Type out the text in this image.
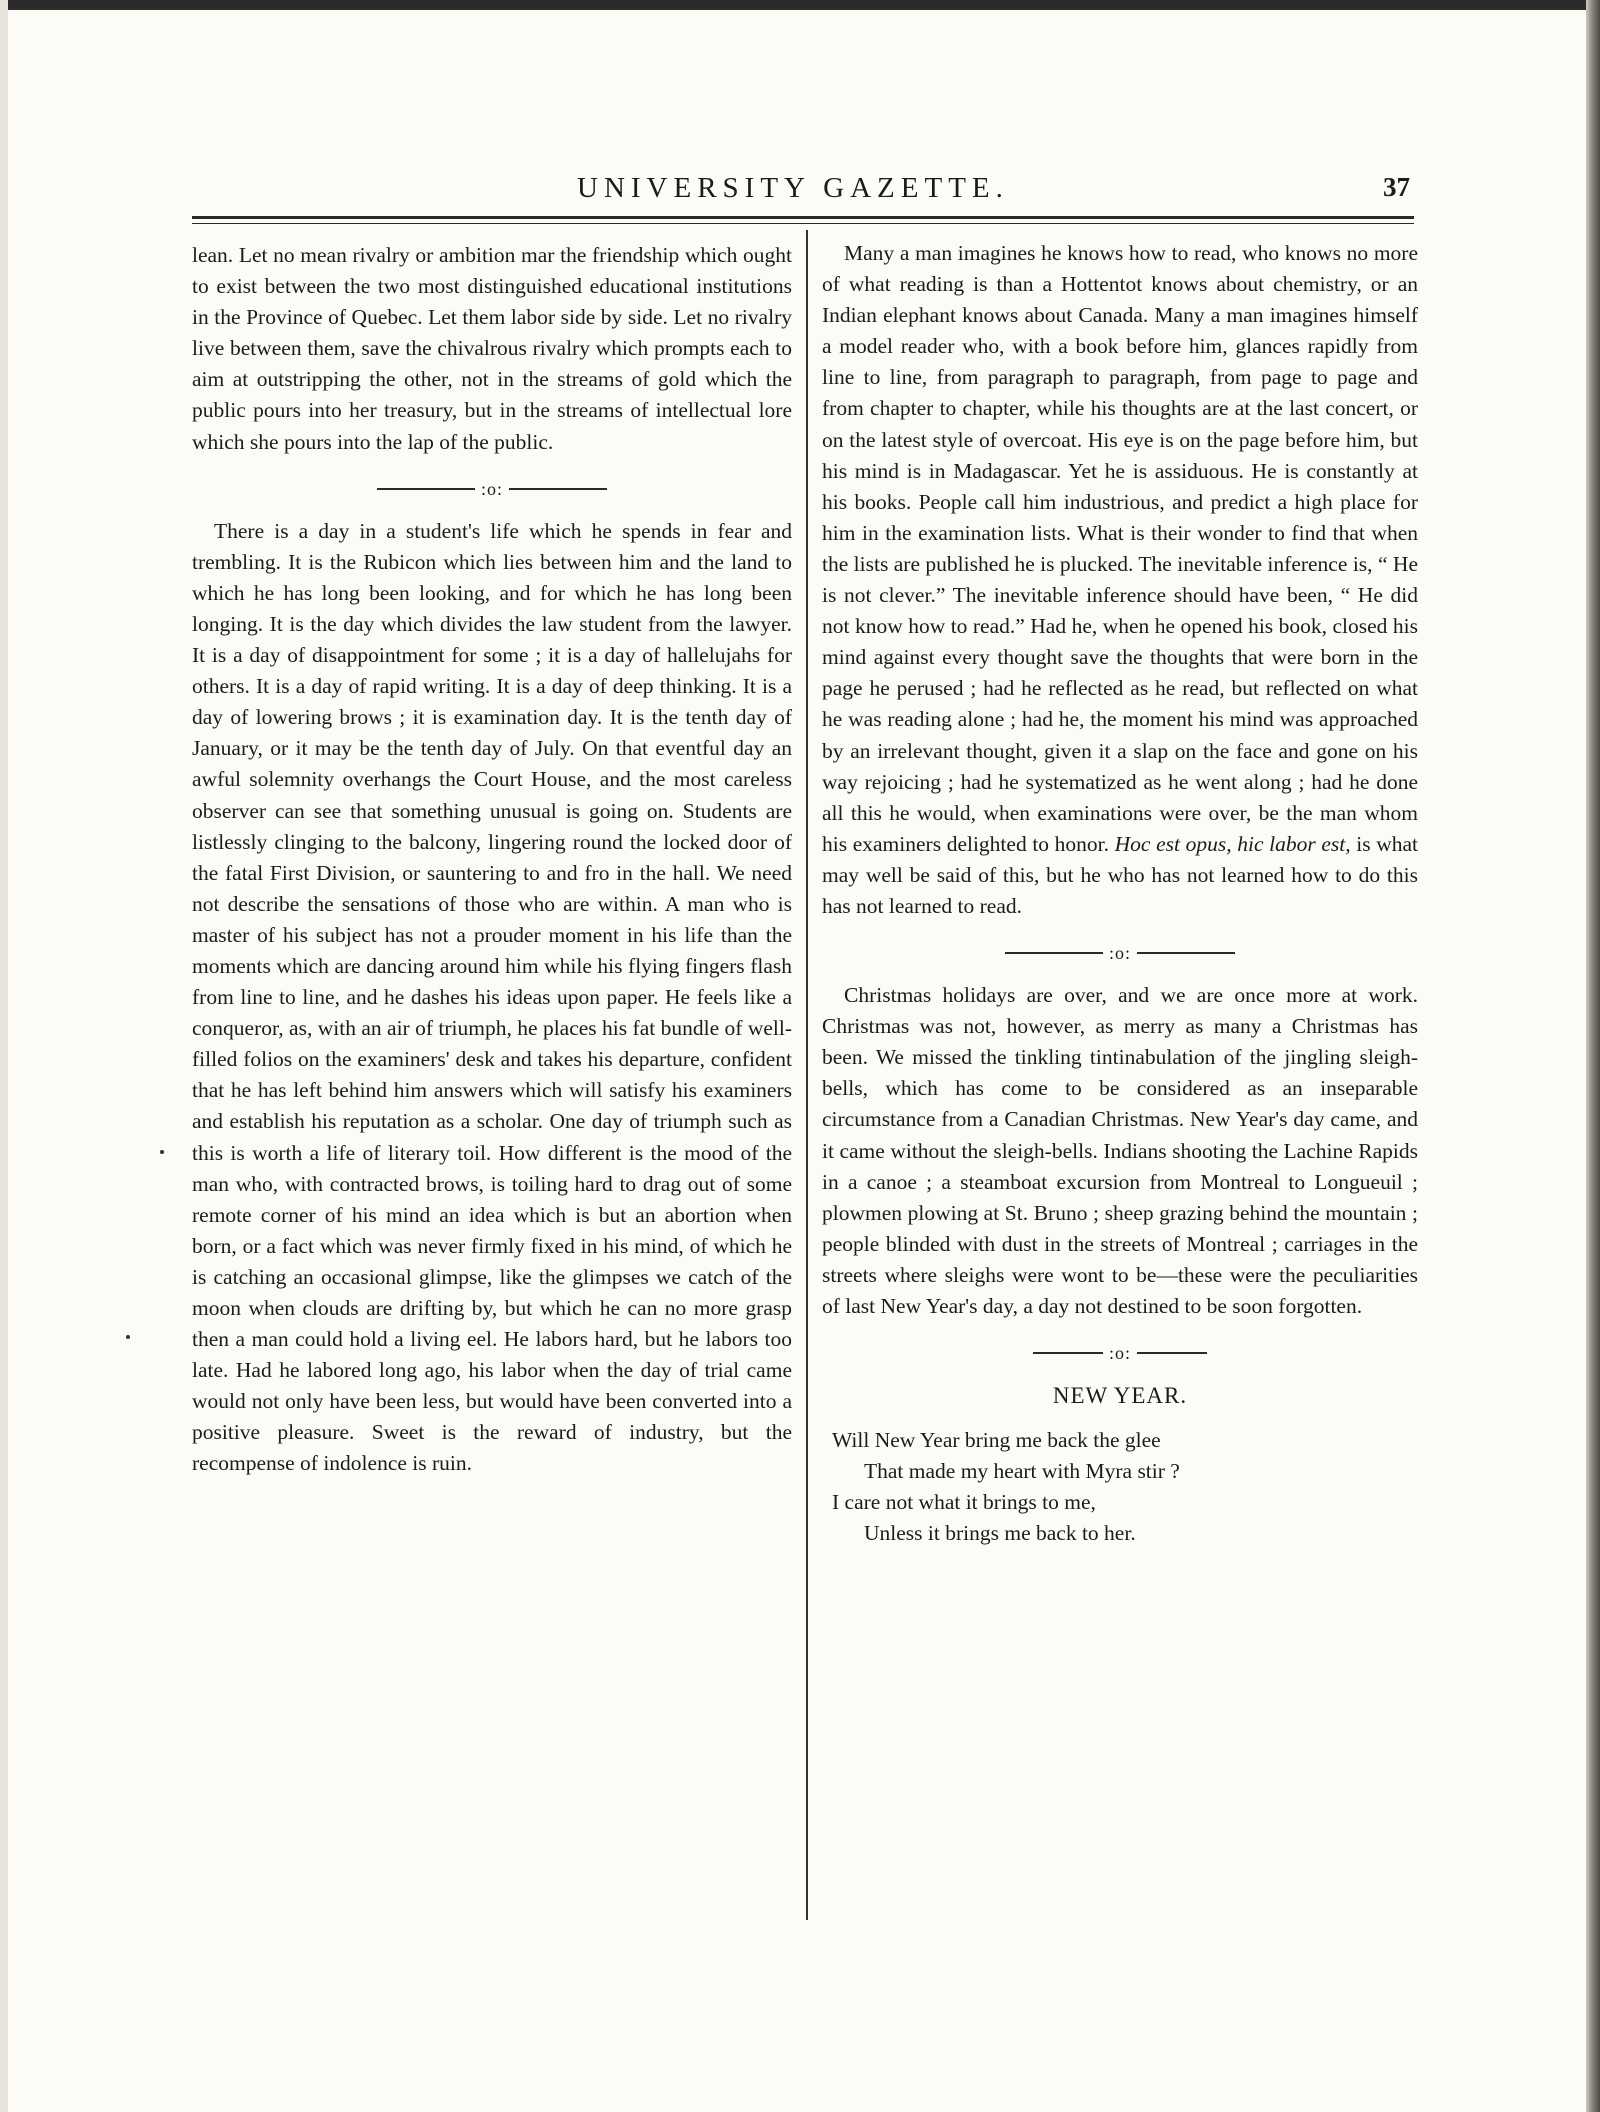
UNIVERSITY GAZETTE.	37

lean. Let no mean rivalry or ambition mar the friendship which ought to exist between the two most distinguished educational institutions in the Province of Quebec. Let them labor side by side. Let no rivalry live between them, save the chivalrous rivalry which prompts each to aim at outstripping the other, not in the streams of gold which the public pours into her treasury, but in the streams of intellectual lore which she pours into the lap of the public.

:o:

There is a day in a student's life which he spends in fear and trembling. It is the Rubicon which lies between him and the land to which he has long been looking, and for which he has long been longing. It is the day which divides the law student from the lawyer. It is a day of disappointment for some ; it is a day of hallelujahs for others. It is a day of rapid writing. It is a day of deep thinking. It is a day of lowering brows ; it is examination day. It is the tenth day of January, or it may be the tenth day of July. On that eventful day an awful solemnity overhangs the Court House, and the most careless observer can see that something unusual is going on. Students are listlessly clinging to the balcony, lingering round the locked door of the fatal First Division, or sauntering to and fro in the hall. We need not describe the sensations of those who are within. A man who is master of his subject has not a prouder moment in his life than the moments which are dancing around him while his flying fingers flash from line to line, and he dashes his ideas upon paper. He feels like a conqueror, as, with an air of triumph, he places his fat bundle of well-filled folios on the examiners' desk and takes his departure, confident that he has left behind him answers which will satisfy his examiners and establish his reputation as a scholar. One day of triumph such as this is worth a life of literary toil. How different is the mood of the man who, with contracted brows, is toiling hard to drag out of some remote corner of his mind an idea which is but an abortion when born, or a fact which was never firmly fixed in his mind, of which he is catching an occasional glimpse, like the glimpses we catch of the moon when clouds are drifting by, but which he can no more grasp then a man could hold a living eel. He labors hard, but he labors too late. Had he labored long ago, his labor when the day of trial came would not only have been less, but would have been converted into a positive pleasure. Sweet is the reward of industry, but the recompense of indolence is ruin.

Many a man imagines he knows how to read, who knows no more of what reading is than a Hottentot knows about chemistry, or an Indian elephant knows about Canada. Many a man imagines himself a model reader who, with a book before him, glances rapidly from line to line, from paragraph to paragraph, from page to page and from chapter to chapter, while his thoughts are at the last concert, or on the latest style of overcoat. His eye is on the page before him, but his mind is in Madagascar. Yet he is assiduous. He is constantly at his books. People call him industrious, and predict a high place for him in the examination lists. What is their wonder to find that when the lists are published he is plucked. The inevitable inference is, “ He is not clever.” The inevitable inference should have been, “ He did not know how to read.” Had he, when he opened his book, closed his mind against every thought save the thoughts that were born in the page he perused ; had he reflected as he read, but reflected on what he was reading alone ; had he, the moment his mind was approached by an irrelevant thought, given it a slap on the face and gone on his way rejoicing ; had he systematized as he went along ; had he done all this he would, when examinations were over, be the man whom his examiners delighted to honor. Hoc est opus, hic labor est, is what may well be said of this, but he who has not learned how to do this has not learned to read.

:o:

Christmas holidays are over, and we are once more at work. Christmas was not, however, as merry as many a Christmas has been. We missed the tinkling tintinabulation of the jingling sleigh-bells, which has come to be considered as an inseparable circumstance from a Canadian Christmas. New Year's day came, and it came without the sleigh-bells. Indians shooting the Lachine Rapids in a canoe ; a steamboat excursion from Montreal to Longueuil ; plowmen plowing at St. Bruno ; sheep grazing behind the mountain ; people blinded with dust in the streets of Montreal ; carriages in the streets where sleighs were wont to be—these were the peculiarities of last New Year's day, a day not destined to be soon forgotten.

:o:
NEW YEAR.

Will New Year bring me back the glee

That made my heart with Myra stir ?

I care not what it brings to me,

Unless it brings me back to her.
